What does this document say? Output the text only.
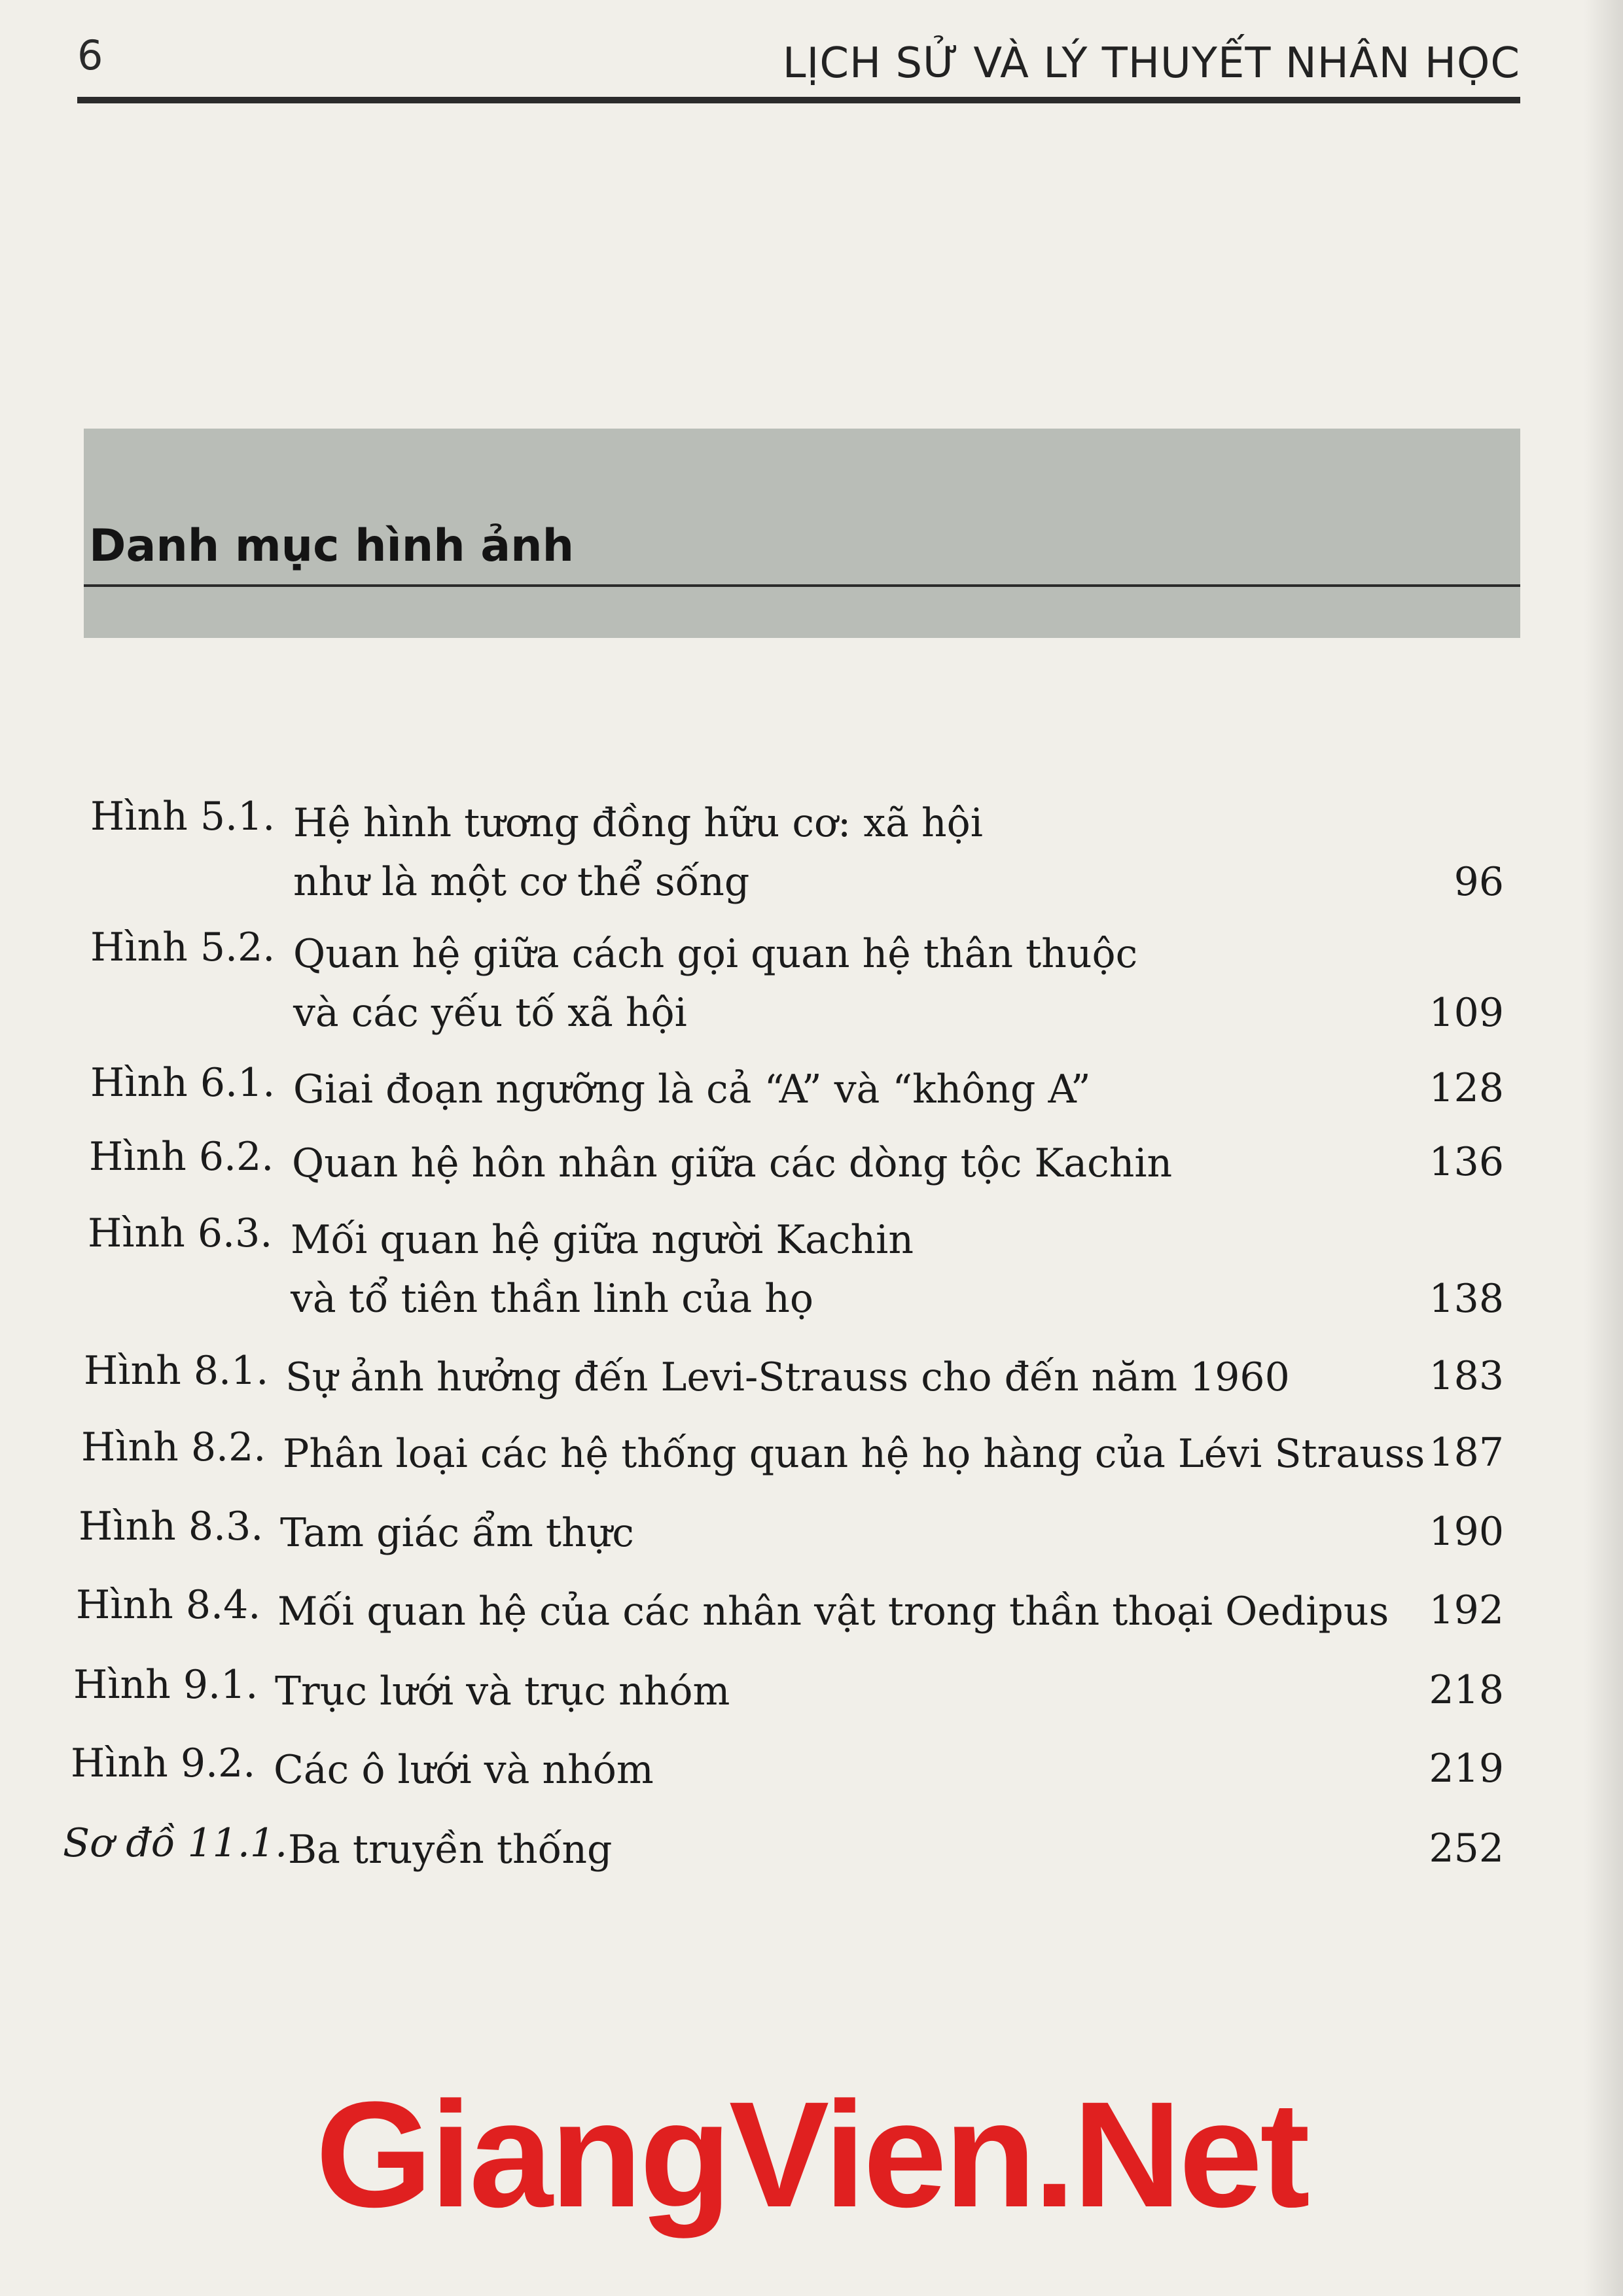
6	LỊCH SỬ VÀ LÝ THUYẾT NHÂN HỌC
Danh mục hình ảnh
Hình 5.1. Hệ hình tương đồng hữu cơ: xã hội
như là một cơ thể sống	96
Hình 5.2. Quan hệ giữa cách gọi quan hệ thân thuộc
và các yếu tố xã hội	109
Hình 6.1. Giai đoạn ngưỡng là cả “A” và “không A”	128
Hình 6.2. Quan hệ hôn nhân giữa các dòng tộc Kachin	136
Hình 6.3. Mối quan hệ giữa người Kachin
và tổ tiên thần linh của họ	138
Hình 8.1. Sự ảnh hưởng đến Levi-Strauss cho đến năm 1960	183
Hình 8.2. Phân loại các hệ thống quan hệ họ hàng của Lévi Strauss 187
Hình 8.3. Tam giác ẩm thực	190
Hình 8.4. Mối quan hệ của các nhân vật trong thần thoại Oedipus 192
Hình 9.1. Trục lưới và trục nhóm	218
Hình 9.2. Các ô lưới và nhóm	219
Sơ đồ 11.1. Ba truyền thống	252
GiangVien.Net
